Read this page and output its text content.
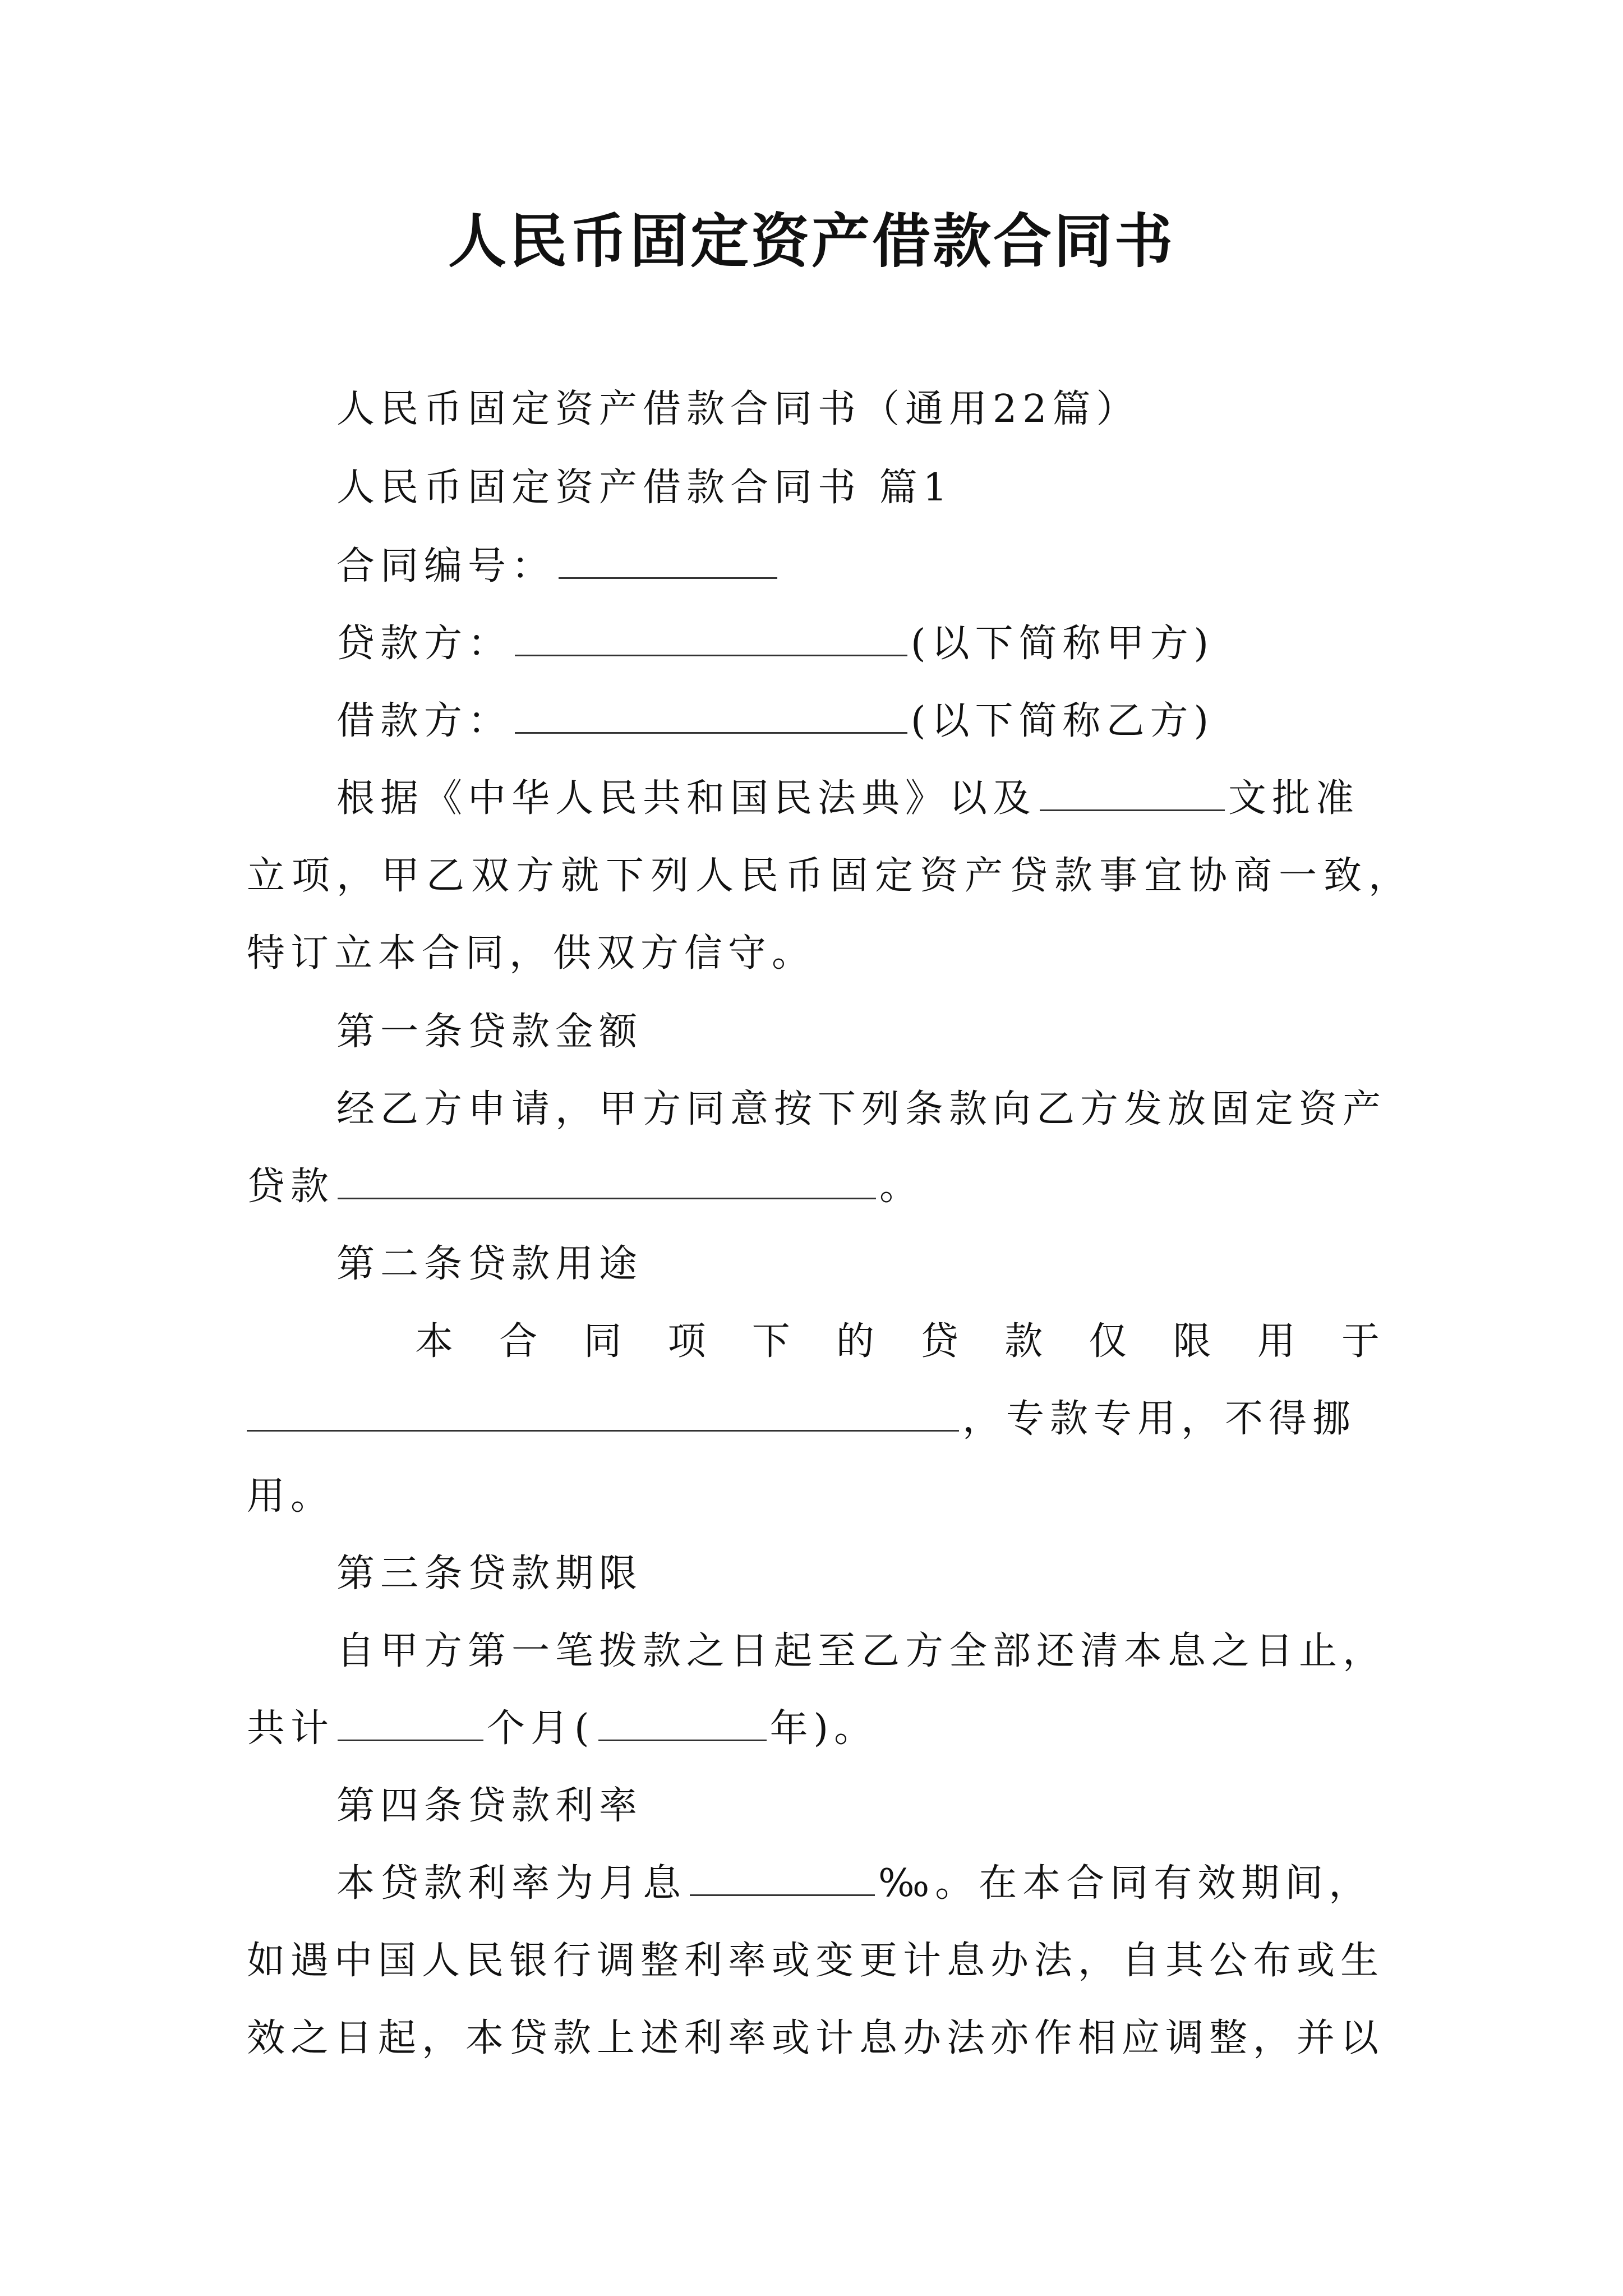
人民币固定资产借款合同书
人民币固定资产借款合同书（通用22篇）
人民币固定资产借款合同书 篇1
合同编号：
贷款方：	(以下简称甲方)
借款方：	(以下简称乙方)
根据《中华人民共和国民法典》以及	文批准
立项，甲乙双方就下列人民币固定资产贷款事宜协商一致，
特订立本合同，供双方信守。
第一条贷款金额
经乙方申请，甲方同意按下列条款向乙方发放固定资产
贷款	。
第二条贷款用途
本 合 同 项 下 的 贷 款 仅 限 用 于
，专款专用，不得挪
用。
第三条贷款期限
自甲方第一笔拨款之日起至乙方全部还清本息之日止，
共计	个月(	年)。
第四条贷款利率
本贷款利率为月息	‰。在本合同有效期间，
如遇中国人民银行调整利率或变更计息办法，自其公布或生
效之日起，本贷款上述利率或计息办法亦作相应调整，并以
